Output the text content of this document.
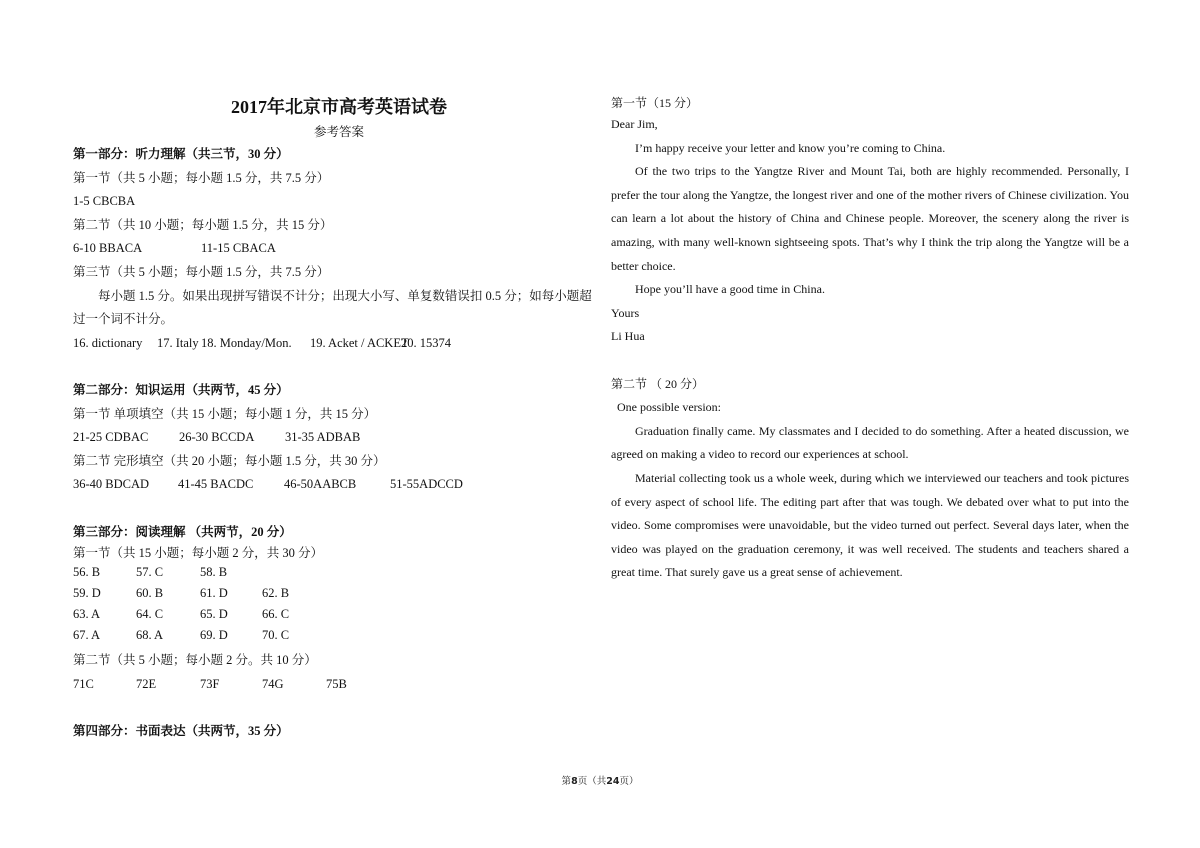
2017年北京市高考英语试卷
参考答案
第一部分：听力理解（共三节，30 分）
第一节（共 5 小题；每小题 1.5 分，共 7.5 分）
1-5 CBCBA
第二节（共 10 小题；每小题 1.5 分，共 15 分）
6-10 BBACA	11-15 CBACA
第三节（共 5 小题；每小题 1.5 分，共 7.5 分）
每小题 1.5 分。如果出现拼写错误不计分；出现大小写、单复数错误扣 0.5 分；如每小题超过一个词不计分。
16. dictionary 17. Italy 18. Monday/Mon. 19. Acket / ACKET20. 15374
第二部分：知识运用（共两节，45 分）
第一节 单项填空（共 15 小题；每小题 1 分，共 15 分）
21-25 CDBAC 26-30 BCCDA 31-35 ADBAB
第二节 完形填空（共 20 小题；每小题 1.5 分，共 30 分）
36-40 BDCAD 41-45 BACDC 46-50AABCB	51-55ADCCD
第三部分：阅读理解 （共两节，20 分）
第一节（共 15 小题；每小题 2 分，共 30 分）
56. B	57. C	58. B
59. D	60. B	61. D	62. B
63. A	64. C	65. D	66. C
67. A	68. A	69. D	70. C
第二节（共 5 小题；每小题 2 分。共 10 分）
71C	72E	73F	74G	75B
第四部分：书面表达（共两节，35 分）
第一节（15 分）
Dear Jim,
I’m happy receive your letter and know you’re coming to China.
Of the two trips to the Yangtze River and Mount Tai, both are highly recommended. Personally, I prefer the tour along the Yangtze, the longest river and one of the mother rivers of Chinese civilization. You can learn a lot about the history of China and Chinese people. Moreover, the scenery along the river is amazing, with many well-known sightseeing spots. That’s why I think the trip along the Yangtze will be a better choice.
Hope you’ll have a good time in China.
Yours
Li Hua
第二节 （ 20 分）
One possible version:
Graduation finally came. My classmates and I decided to do something. After a heated discussion, we agreed on making a video to record our experiences at school.
Material collecting took us a whole week, during which we interviewed our teachers and took pictures of every aspect of school life. The editing part after that was tough. We debated over what to put into the video. Some compromises were unavoidable, but the video turned out perfect. Several days later, when the video was played on the graduation ceremony, it was well received. The students and teachers shared a great time. That surely gave us a great sense of achievement.
第8页（共24页）
